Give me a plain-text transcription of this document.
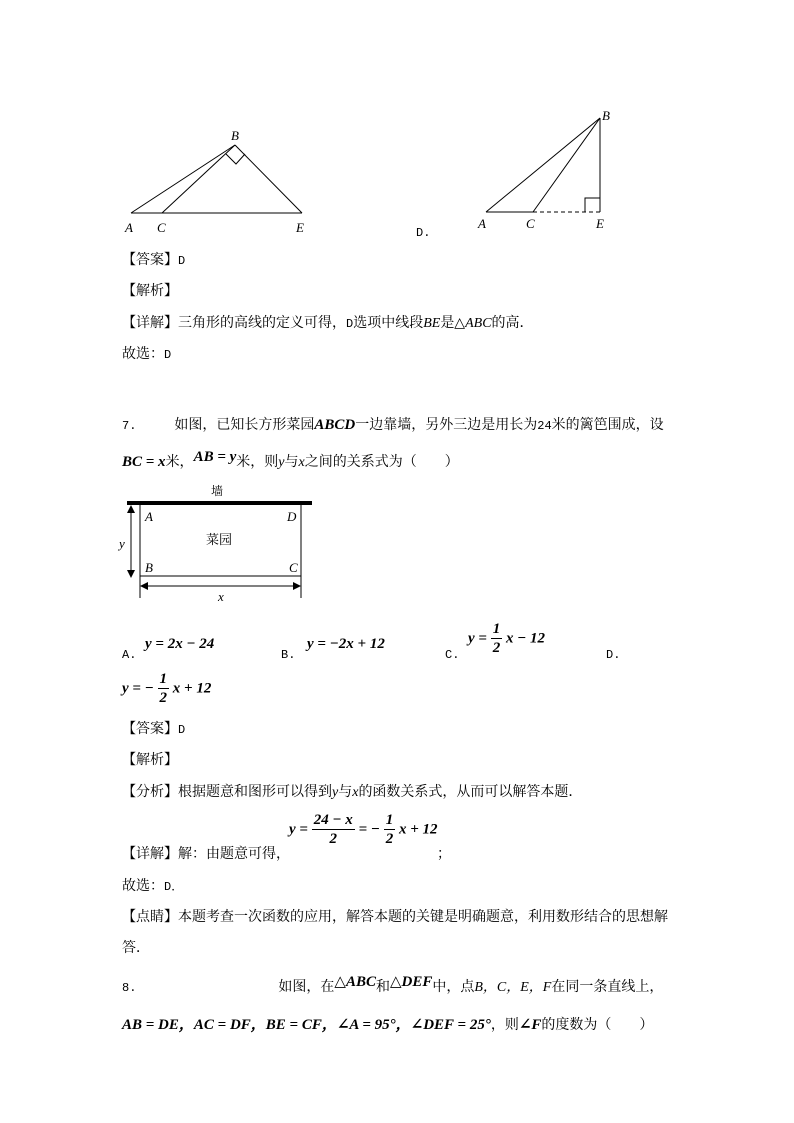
B
A C	E
B
A	C	E
D.
【答案】D
【解析】
【详解】三角形的高线的定义可得，D选项中线段BE是△ABC的高．
故选：D
7.	如图，已知长方形菜园ABCD一边靠墙，另外三边是用长为24米的篱笆围成，设
BC = x米，AB = y米，则y与x之间的关系式为（　　）
墙
菜园
A	D
B	C
y
x
A.
y = 2x − 24
B.
y = −2x + 12
C.
$y = \frac{1}{2}$ x − 12
D.
y = − $\frac{1}{2}$ x + 12
【答案】D
【解析】
【分析】根据题意和图形可以得到y与x的函数关系式，从而可以解答本题．
【详解】解：由题意可得，
$y = \frac{24 - x}{2}$ = − $\frac{1}{2}$ x + 12
；
故选：D．
【点睛】本题考查一次函数的应用，解答本题的关键是明确题意，利用数形结合的思想解
答．
8.	如图，在△ABC和△DEF中，点B，C，E，F在同一条直线上，
AB = DE，AC = DF，BE = CF，∠A = 95°，∠DEF = 25°，则∠F的度数为（　　）
